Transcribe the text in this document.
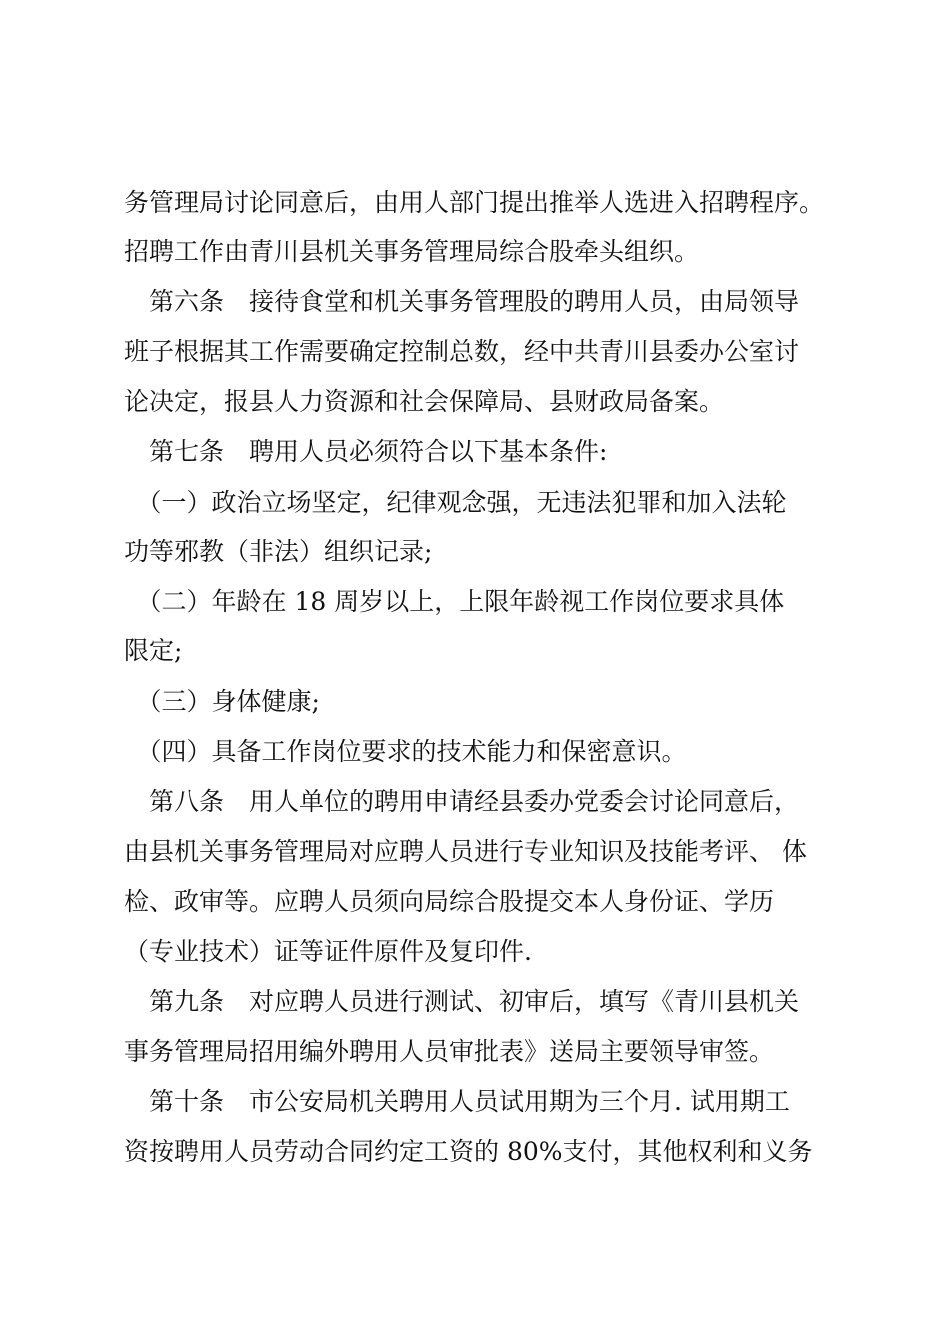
务管理局讨论同意后，由用人部门提出推举人选进入招聘程序。
招聘工作由青川县机关事务管理局综合股牵头组织。
　第六条　接待食堂和机关事务管理股的聘用人员，由局领导
班子根据其工作需要确定控制总数，经中共青川县委办公室讨
论决定，报县人力资源和社会保障局、县财政局备案。
　第七条　聘用人员必须符合以下基本条件:
　（一）政治立场坚定，纪律观念强，无违法犯罪和加入法轮
功等邪教（非法）组织记录;
　（二）年龄在 18 周岁以上，上限年龄视工作岗位要求具体
限定;
　（三）身体健康;
　（四）具备工作岗位要求的技术能力和保密意识。
　第八条　用人单位的聘用申请经县委办党委会讨论同意后，
由县机关事务管理局对应聘人员进行专业知识及技能考评、 体
检、政审等。应聘人员须向局综合股提交本人身份证、学历
（专业技术）证等证件原件及复印件.
　第九条　对应聘人员进行测试、初审后，填写《青川县机关
事务管理局招用编外聘用人员审批表》送局主要领导审签。
　第十条　市公安局机关聘用人员试用期为三个月. 试用期工
资按聘用人员劳动合同约定工资的 80%支付，其他权利和义务
